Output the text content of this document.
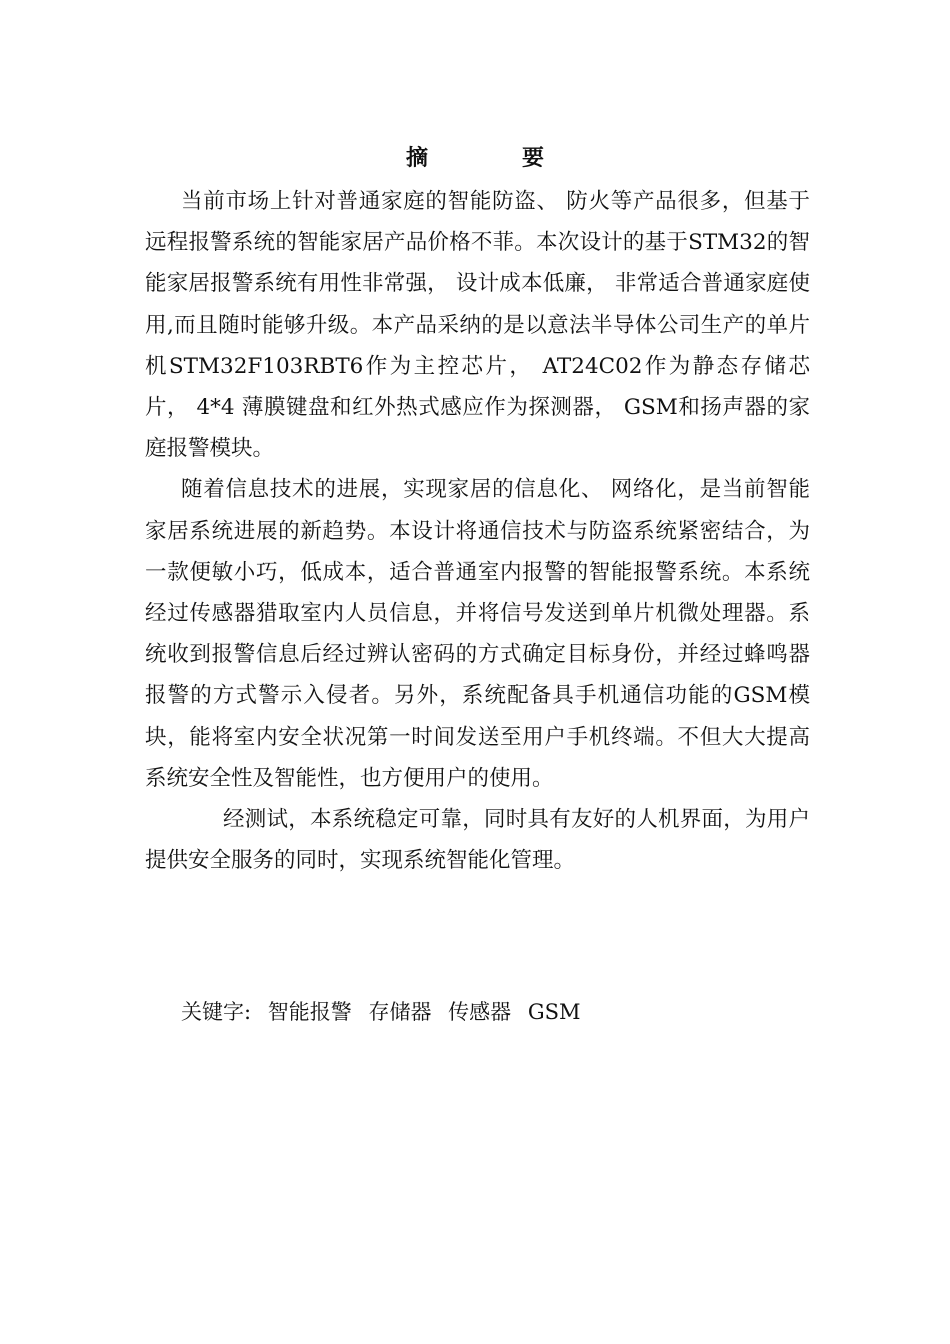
摘　要

当前市场上针对普通家庭的智能防盗、 防火等产品很多，但基于远程报警系统的智能家居产品价格不菲。本次设计的基于STM32的智能家居报警系统有用性非常强， 设计成本低廉， 非常适合普通家庭使用,而且随时能够升级。本产品采纳的是以意法半导体公司生产的单片机STM32F103RBT6作为主控芯片， AT24C02作为静态存储芯片， 4*4 薄膜键盘和红外热式感应作为探测器， GSM和扬声器的家庭报警模块。

随着信息技术的进展，实现家居的信息化、 网络化，是当前智能家居系统进展的新趋势。本设计将通信技术与防盗系统紧密结合，为一款便敏小巧，低成本，适合普通室内报警的智能报警系统。本系统经过传感器猎取室内人员信息，并将信号发送到单片机微处理器。系统收到报警信息后经过辨认密码的方式确定目标身份，并经过蜂鸣器报警的方式警示入侵者。另外，系统配备具手机通信功能的GSM模块，能将室内安全状况第一时间发送至用户手机终端。不但大大提高系统安全性及智能性，也方便用户的使用。

经测试，本系统稳定可靠，同时具有友好的人机界面，为用户提供安全服务的同时，实现系统智能化管理。

关键字: 智能报警 存储器 传感器 GSM
